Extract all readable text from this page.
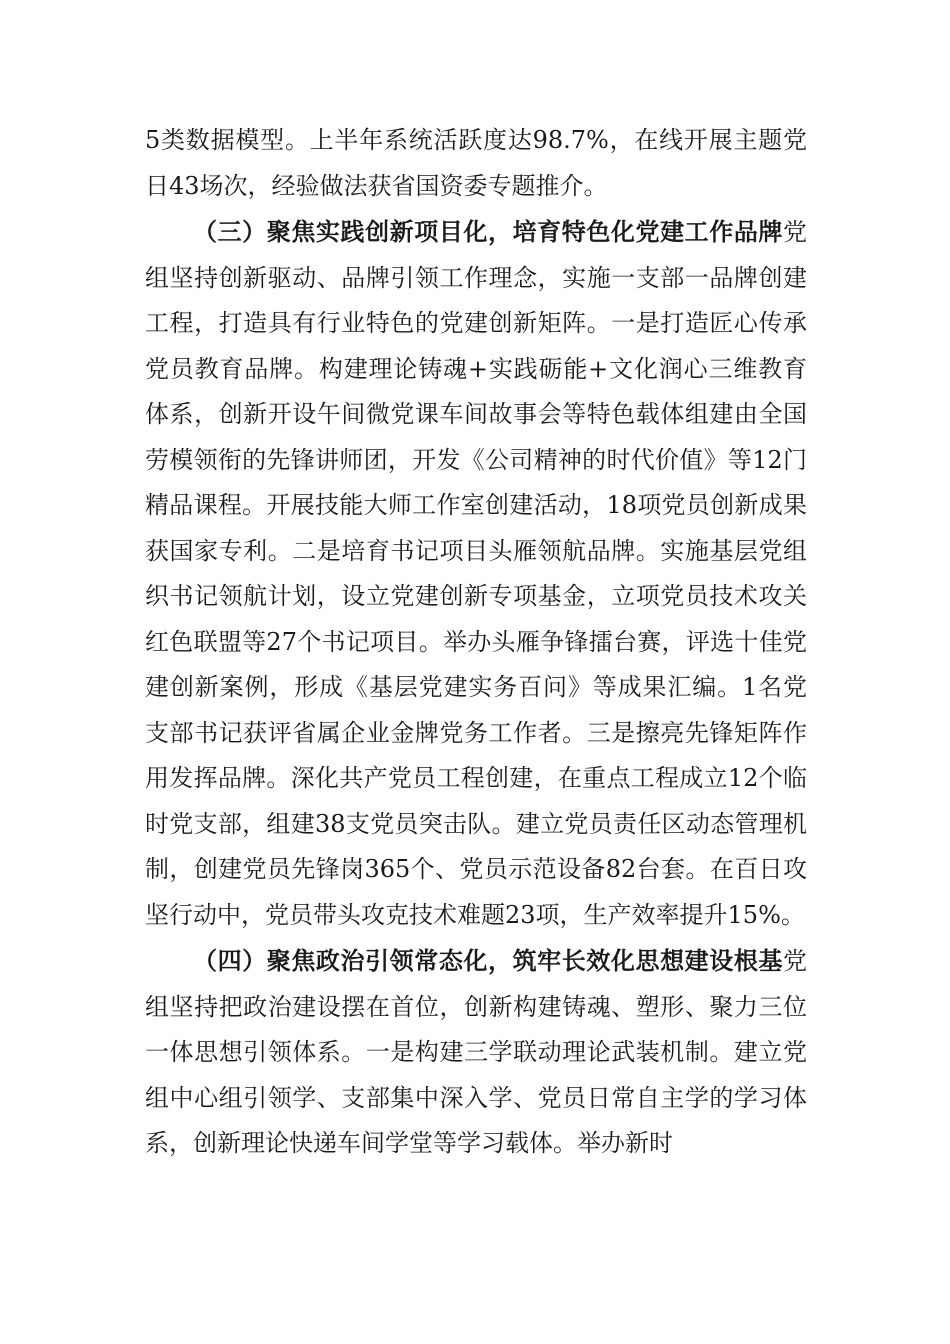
5类数据模型。上半年系统活跃度达98.7%，在线开展主题党日43场次，经验做法获省国资委专题推介。

（三）聚焦实践创新项目化，培育特色化党建工作品牌党组坚持创新驱动、品牌引领工作理念，实施一支部一品牌创建工程，打造具有行业特色的党建创新矩阵。一是打造匠心传承党员教育品牌。构建理论铸魂+实践砺能+文化润心三维教育体系，创新开设午间微党课车间故事会等特色载体组建由全国劳模领衔的先锋讲师团，开发《公司精神的时代价值》等12门精品课程。开展技能大师工作室创建活动，18项党员创新成果获国家专利。二是培育书记项目头雁领航品牌。实施基层党组织书记领航计划，设立党建创新专项基金，立项党员技术攻关红色联盟等27个书记项目。举办头雁争锋擂台赛，评选十佳党建创新案例，形成《基层党建实务百问》等成果汇编。1名党支部书记获评省属企业金牌党务工作者。三是擦亮先锋矩阵作用发挥品牌。深化共产党员工程创建，在重点工程成立12个临时党支部，组建38支党员突击队。建立党员责任区动态管理机制，创建党员先锋岗365个、党员示范设备82台套。在百日攻坚行动中，党员带头攻克技术难题23项，生产效率提升15%。

（四）聚焦政治引领常态化，筑牢长效化思想建设根基党组坚持把政治建设摆在首位，创新构建铸魂、塑形、聚力三位一体思想引领体系。一是构建三学联动理论武装机制。建立党组中心组引领学、支部集中深入学、党员日常自主学的学习体系，创新理论快递车间学堂等学习载体。举办新时
